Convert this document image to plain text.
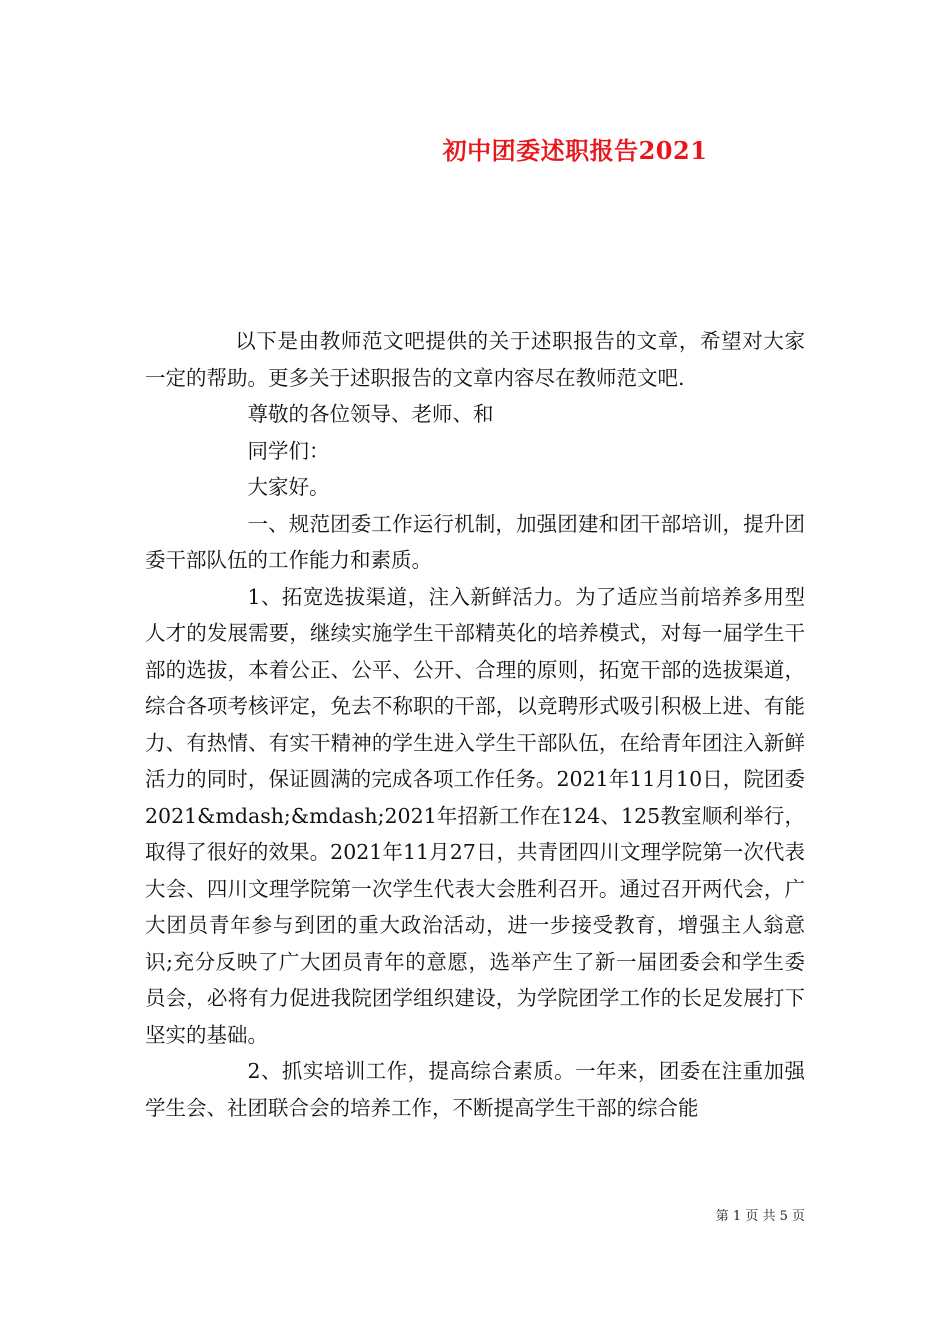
初中团委述职报告2021

以下是由教师范文吧提供的关于述职报告的文章，希望对大家一定的帮助。更多关于述职报告的文章内容尽在教师范文吧.

尊敬的各位领导、老师、和

同学们：

大家好。

一、规范团委工作运行机制，加强团建和团干部培训，提升团委干部队伍的工作能力和素质。

1、拓宽选拔渠道，注入新鲜活力。为了适应当前培养多用型人才的发展需要，继续实施学生干部精英化的培养模式，对每一届学生干部的选拔，本着公正、公平、公开、合理的原则，拓宽干部的选拔渠道，综合各项考核评定，免去不称职的干部，以竞聘形式吸引积极上进、有能力、有热情、有实干精神的学生进入学生干部队伍，在给青年团注入新鲜活力的同时，保证圆满的完成各项工作任务。2021年11月10日，院团委2021&mdash;&mdash;2021年招新工作在124、125教室顺利举行，取得了很好的效果。2021年11月27日，共青团四川文理学院第一次代表大会、四川文理学院第一次学生代表大会胜利召开。通过召开两代会，广大团员青年参与到团的重大政治活动，进一步接受教育，增强主人翁意识;充分反映了广大团员青年的意愿，选举产生了新一届团委会和学生委员会，必将有力促进我院团学组织建设，为学院团学工作的长足发展打下坚实的基础。

2、抓实培训工作，提高综合素质。一年来，团委在注重加强学生会、社团联合会的培养工作，不断提高学生干部的综合能

第 1 页 共 5 页
